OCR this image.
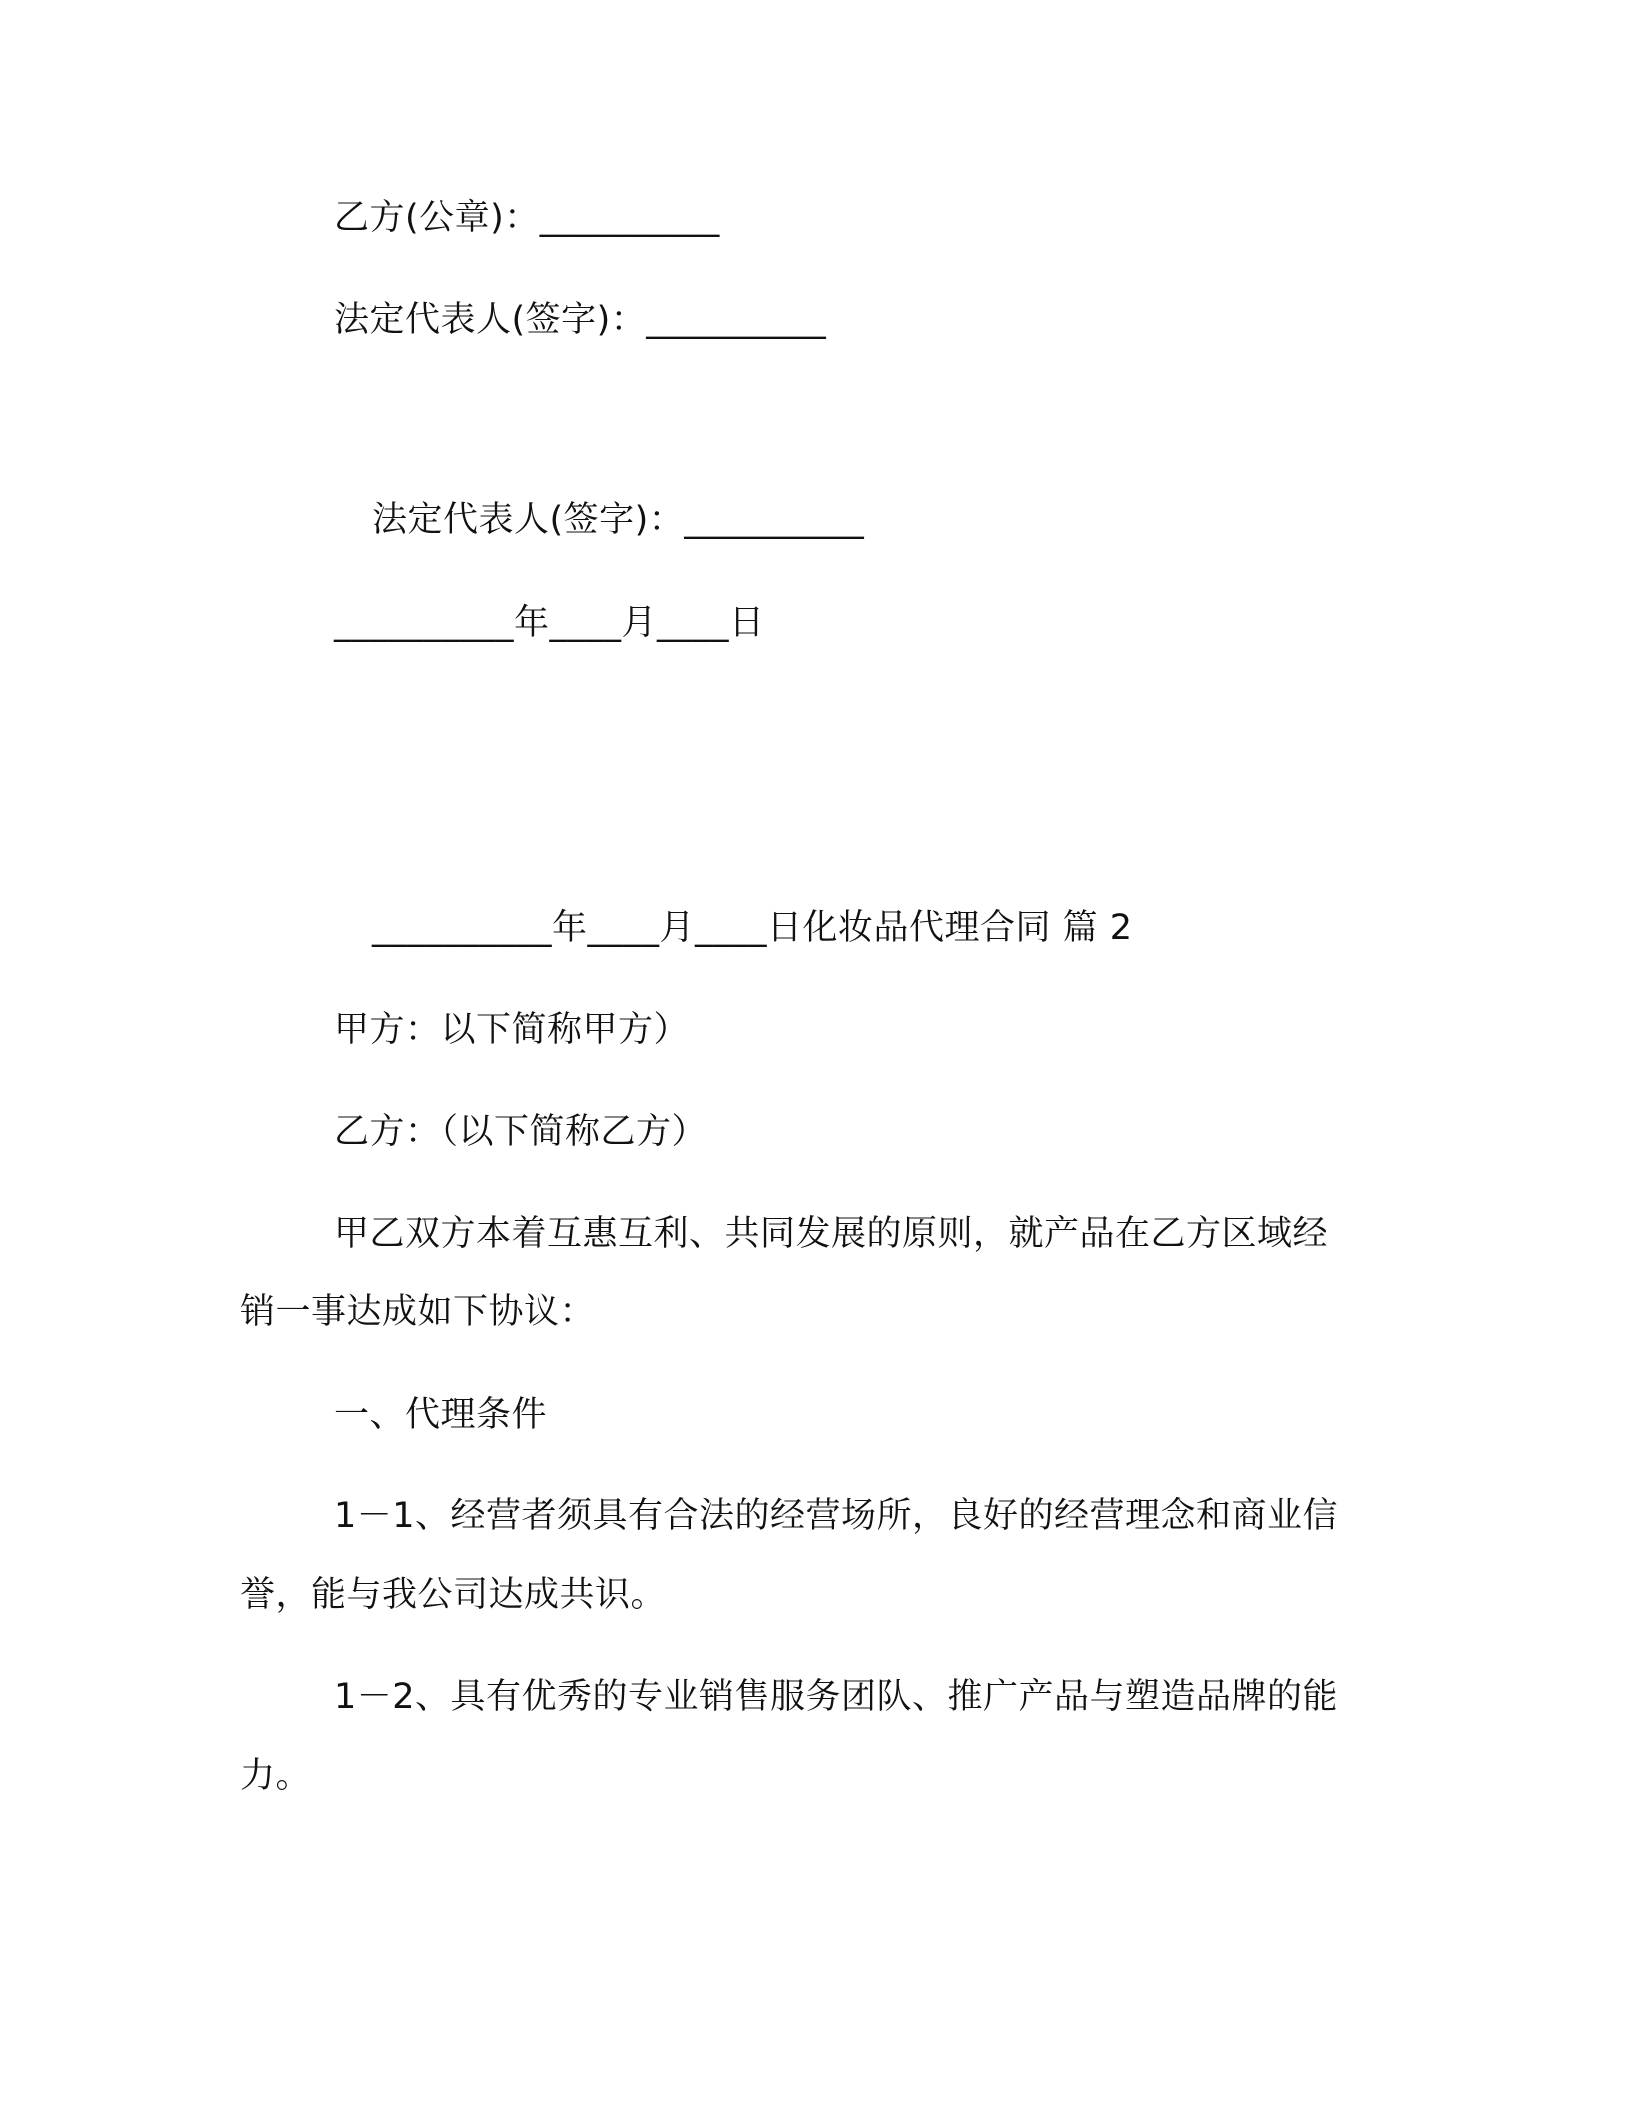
乙方(公章)：__________
法定代表人(签字)：__________
法定代表人(签字)：__________
__________年____月____日
__________年____月____日化妆品代理合同 篇 2
甲方：以下简称甲方）
乙方：（以下简称乙方）
甲乙双方本着互惠互利、共同发展的原则，就产品在乙方区域经
销一事达成如下协议：
一、代理条件
1－1、经营者须具有合法的经营场所，良好的经营理念和商业信
誉，能与我公司达成共识。
1－2、具有优秀的专业销售服务团队、推广产品与塑造品牌的能
力。
